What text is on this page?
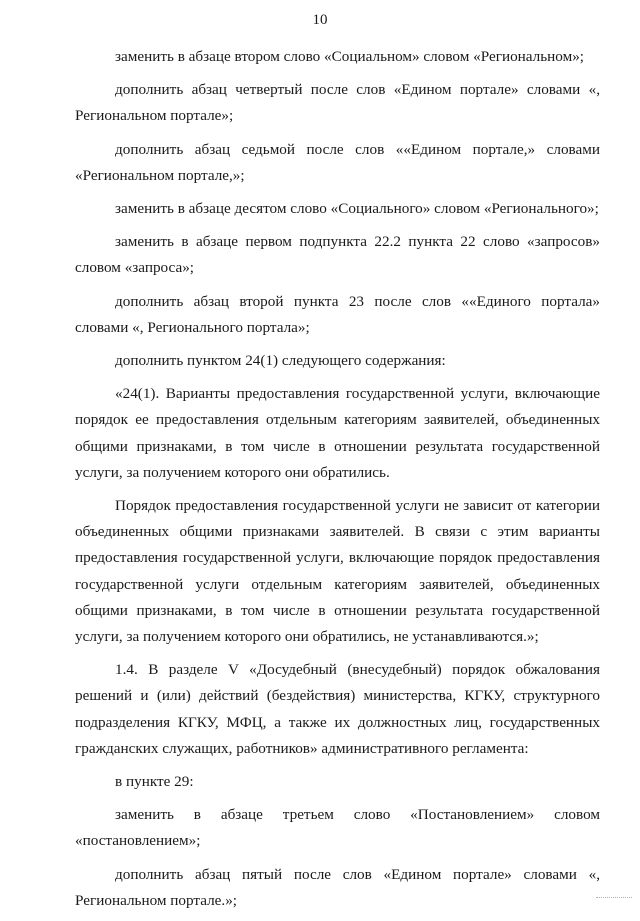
10

заменить в абзаце втором слово «Социальном» словом «Региональном»;

дополнить абзац четвертый после слов «Едином портале» словами «, Региональном портале»;

дополнить абзац седьмой после слов ««Едином портале,» словами «Региональном портале,»;

заменить в абзаце десятом слово «Социального» словом «Регионального»;

заменить в абзаце первом подпункта 22.2 пункта 22 слово «запросов» словом «запроса»;

дополнить абзац второй пункта 23 после слов ««Единого портала» словами «, Регионального портала»;

дополнить пунктом 24(1) следующего содержания:

«24(1). Варианты предоставления государственной услуги, включающие порядок ее предоставления отдельным категориям заявителей, объединенных общими признаками, в том числе в отношении результата государственной услуги, за получением которого они обратились.

Порядок предоставления государственной услуги не зависит от категории объединенных общими признаками заявителей. В связи с этим варианты предоставления государственной услуги, включающие порядок предоставления государственной услуги отдельным категориям заявителей, объединенных общими признаками, в том числе в отношении результата государственной услуги, за получением которого они обратились, не устанавливаются.»;

1.4. В разделе V «Досудебный (внесудебный) порядок обжалования решений и (или) действий (бездействия) министерства, КГКУ, структурного подразделения КГКУ, МФЦ, а также их должностных лиц, государственных гражданских служащих, работников» административного регламента:

в пункте 29:

заменить в абзаце третьем слово «Постановлением» словом «постановлением»;

дополнить абзац пятый после слов «Едином портале» словами «, Региональном портале.»;
